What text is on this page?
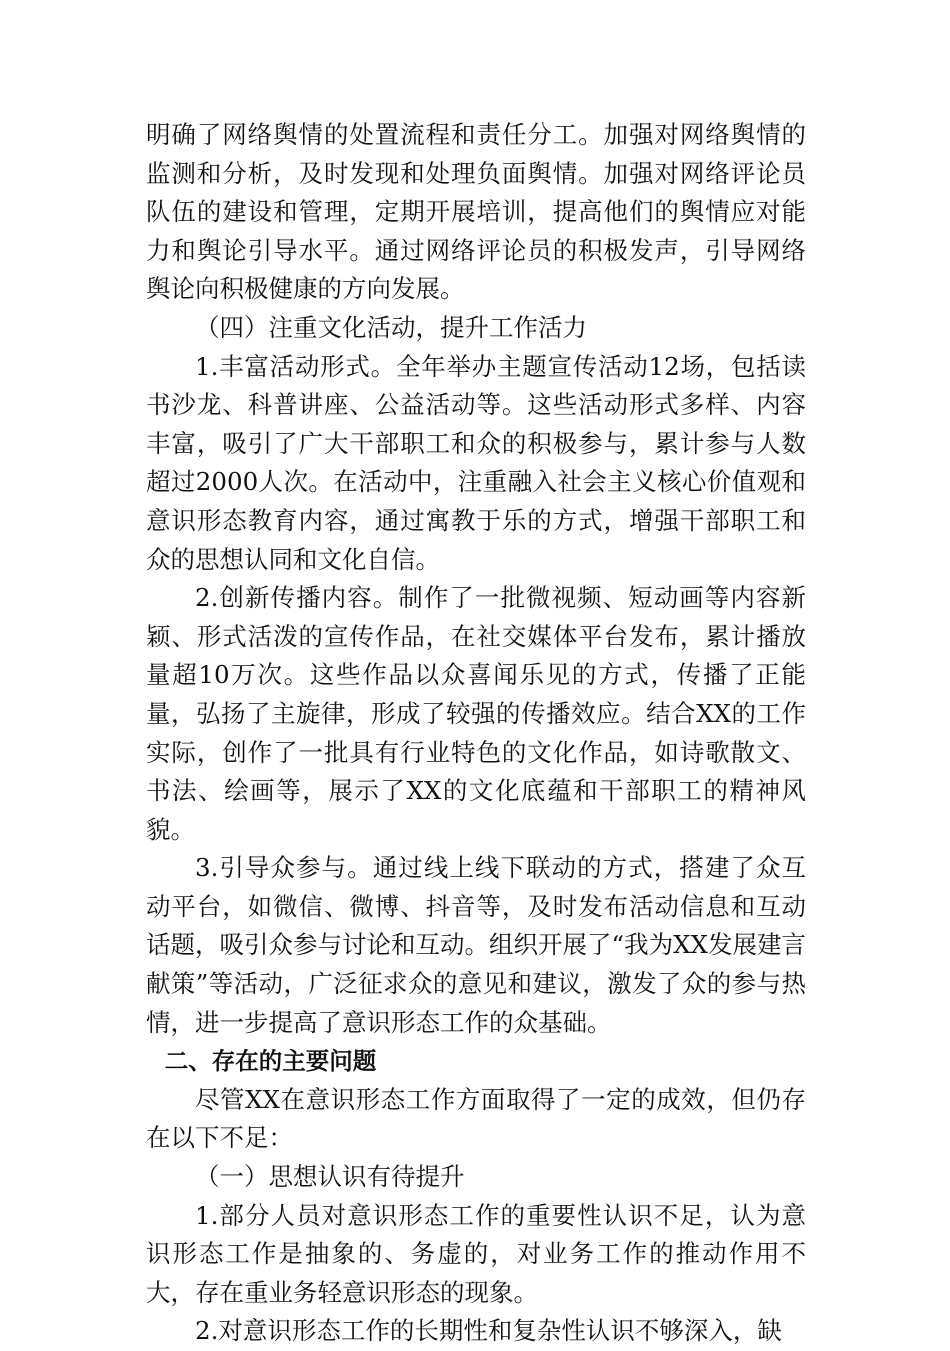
明确了网络舆情的处置流程和责任分工。加强对网络舆情的监测和分析，及时发现和处理负面舆情。加强对网络评论员队伍的建设和管理，定期开展培训，提高他们的舆情应对能力和舆论引导水平。通过网络评论员的积极发声，引导网络舆论向积极健康的方向发展。

（四）注重文化活动，提升工作活力

1.丰富活动形式。全年举办主题宣传活动12场，包括读书沙龙、科普讲座、公益活动等。这些活动形式多样、内容丰富，吸引了广大干部职工和众的积极参与，累计参与人数超过2000人次。在活动中，注重融入社会主义核心价值观和意识形态教育内容，通过寓教于乐的方式，增强干部职工和众的思想认同和文化自信。

2.创新传播内容。制作了一批微视频、短动画等内容新颖、形式活泼的宣传作品，在社交媒体平台发布，累计播放量超10万次。这些作品以众喜闻乐见的方式，传播了正能量，弘扬了主旋律，形成了较强的传播效应。结合XX的工作实际，创作了一批具有行业特色的文化作品，如诗歌散文、书法、绘画等，展示了XX的文化底蕴和干部职工的精神风貌。

3.引导众参与。通过线上线下联动的方式，搭建了众互动平台，如微信、微博、抖音等，及时发布活动信息和互动话题，吸引众参与讨论和互动。组织开展了“我为XX发展建言献策”等活动，广泛征求众的意见和建议，激发了众的参与热情，进一步提高了意识形态工作的众基础。

二、存在的主要问题

尽管XX在意识形态工作方面取得了一定的成效，但仍存在以下不足：

（一）思想认识有待提升

1.部分人员对意识形态工作的重要性认识不足，认为意识形态工作是抽象的、务虚的，对业务工作的推动作用不大，存在重业务轻意识形态的现象。

2.对意识形态工作的长期性和复杂性认识不够深入，缺
